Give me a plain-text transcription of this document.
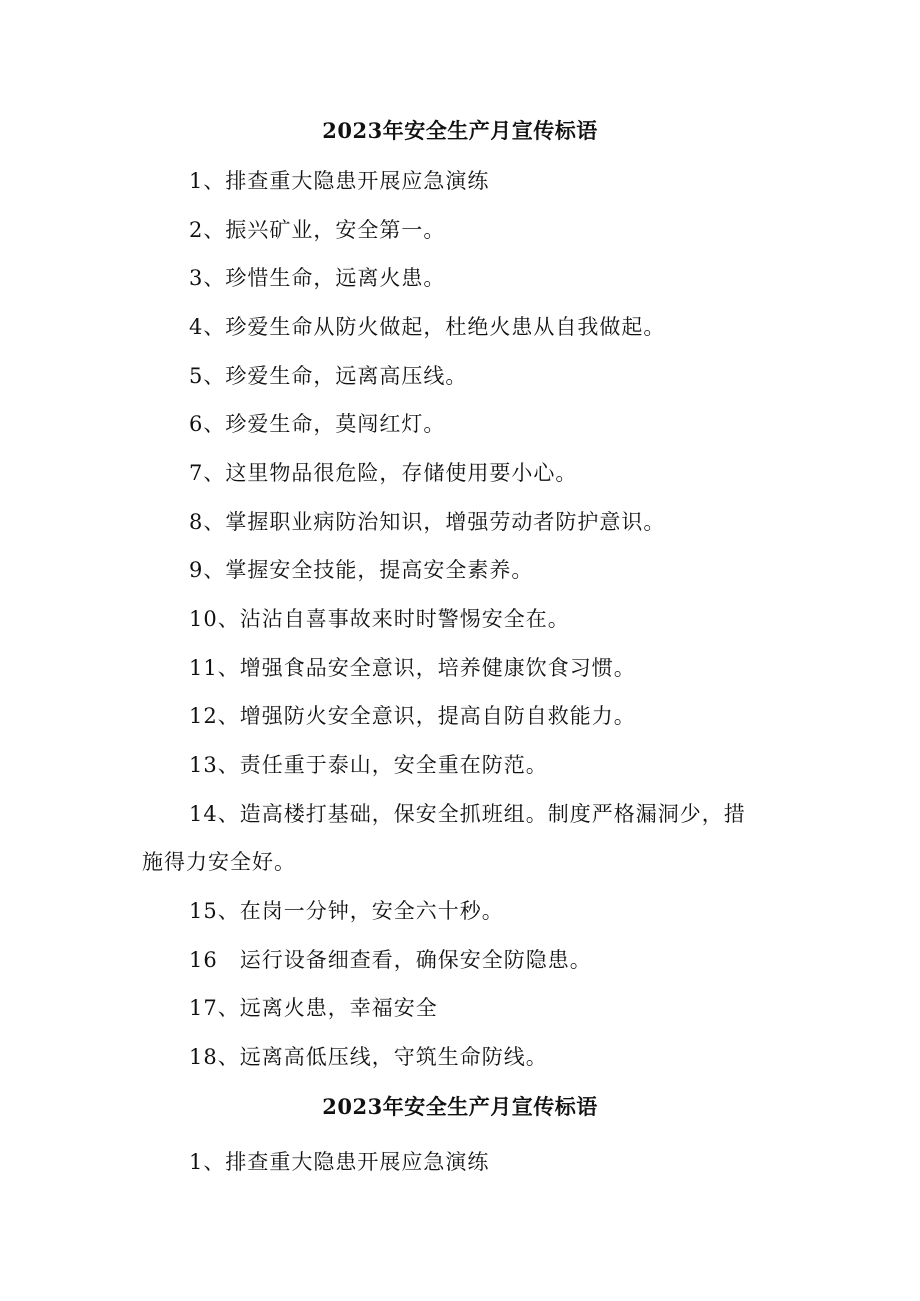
2023年安全生产月宣传标语
1、排查重大隐患开展应急演练
2、振兴矿业，安全第一。
3、珍惜生命，远离火患。
4、珍爱生命从防火做起，杜绝火患从自我做起。
5、珍爱生命，远离高压线。
6、珍爱生命，莫闯红灯。
7、这里物品很危险，存储使用要小心。
8、掌握职业病防治知识，增强劳动者防护意识。
9、掌握安全技能，提高安全素养。
10、沾沾自喜事故来时时警惕安全在。
11、增强食品安全意识，培养健康饮食习惯。
12、增强防火安全意识，提高自防自救能力。
13、责任重于泰山，安全重在防范。
14、造高楼打基础，保安全抓班组。制度严格漏洞少，措
施得力安全好。
15、在岗一分钟，安全六十秒。
16　运行设备细查看，确保安全防隐患。
17、远离火患，幸福安全
18、远离高低压线，守筑生命防线。
2023年安全生产月宣传标语
1、排查重大隐患开展应急演练
